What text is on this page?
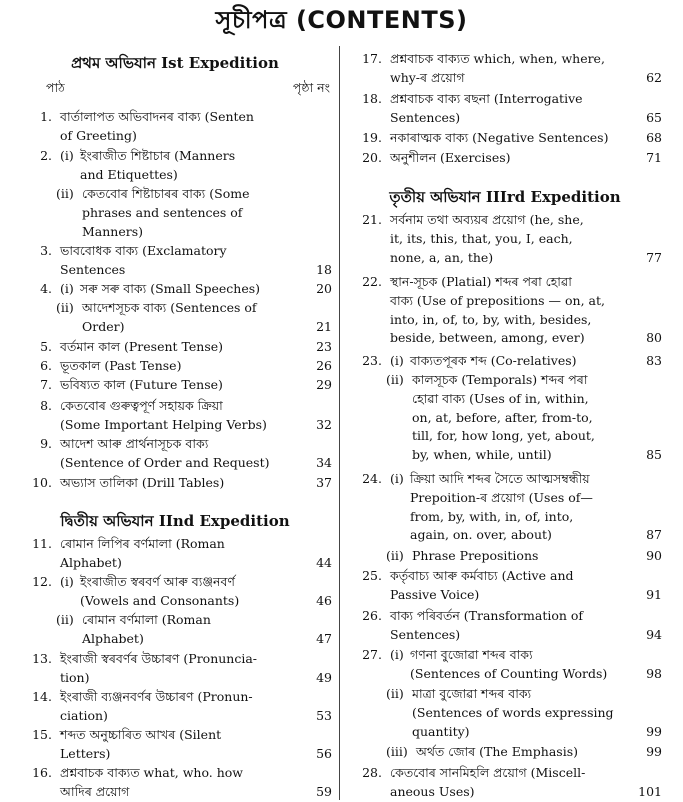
সূচীপত্ৰ (CONTENTS)
প্ৰথম অভিযান Ist Expedition
পাঠ	পৃষ্ঠা নং
দ্বিতীয় অভিযান IInd Expedition
1. বাৰ্তালাপত অভিবাদনৰ বাক্য (Senten
of Greeting)
2. (i) ইংৰাজীত শিষ্টাচাৰ (Manners
and Etiquettes)
(ii) কেতবোৰ শিষ্টাচাৰৰ বাক্য (Some
phrases and sentences of
Manners)
3. ভাববোধক বাক্য (Exclamatory
Sentences	18
4. (i) সৰু সৰু বাক্য (Small Speeches)	20
(ii) আদেশসূচক বাক্য (Sentences of
Order)	21
5. বৰ্তমান কাল (Present Tense)	23
6. ভূতকাল (Past Tense)	26
7. ভবিষ্যত কাল (Future Tense)	29
8. কেতবোৰ গুৰুত্বপূৰ্ণ সহায়ক ক্ৰিয়া
(Some Important Helping Verbs)	32
9. আদেশ আৰু প্ৰাৰ্থনাসূচক বাক্য
(Sentence of Order and Request)	34
10. অভ্যাস তালিকা (Drill Tables)	37
11. ৰোমান লিপিৰ বৰ্ণমালা (Roman
Alphabet)	44
12. (i) ইংৰাজীত স্বৰবৰ্ণ আৰু ব্যঞ্জনবৰ্ণ
(Vowels and Consonants)	46
(ii) ৰোমান বৰ্ণমালা (Roman
Alphabet)	47
13. ইংৰাজী স্বৰবৰ্ণৰ উচ্চাৰণ (Pronuncia-
tion)	49
14. ইংৰাজী ব্যঞ্জনবৰ্ণৰ উচ্চাৰণ (Pronun-
ciation)	53
15. শব্দত অনুচ্চাৰিত আখৰ (Silent
Letters)	56
16. প্ৰশ্নবাচক বাক্যত what, who. how
আদিৰ প্ৰয়োগ	59
তৃতীয় অভিযান IIIrd Expedition
17. প্ৰশ্নবাচক বাক্যত which, when, where,
why-ৰ প্ৰয়োগ	62
18. প্ৰশ্নবাচক বাক্য ৰছনা (Interrogative
Sentences)	65
19. নকাৰাত্মক বাক্য (Negative Sentences)	68
20. অনুশীলন (Exercises)	71
21. সৰ্বনাম তথা অব্যয়ৰ প্ৰয়োগ (he, she,
it, its, this, that, you, I, each,
none, a, an, the)	77
22. স্থান-সূচক (Platial) শব্দৰ পৰা হোৱা
বাক্য (Use of prepositions — on, at,
into, in, of, to, by, with, besides,
beside, between, among, ever)	80
23. (i) বাক্যতপূৰক শব্দ (Co-relatives)	83
(ii) কালসূচক (Temporals) শব্দৰ পৰা
হোৱা বাক্য (Uses of in, within,
on, at, before, after, from-to,
till, for, how long, yet, about,
by, when, while, until)	85
24. (i) ক্ৰিয়া আদি শব্দৰ সৈতে আত্মসম্বন্ধীয়
Prepoition-ৰ প্ৰয়োগ (Uses of—
from, by, with, in, of, into,
again, on. over, about)	87
(ii) Phrase Prepositions	90
25. কৰ্তৃবাচ্য আৰু কৰ্মবাচ্য (Active and
Passive Voice)	91
26. বাক্য পৰিবৰ্তন (Transformation of
Sentences)	94
27. (i) গণনা বুজোৱা শব্দৰ বাক্য
(Sentences of Counting Words)	98
(ii) মাত্ৰা বুজোৱা শব্দৰ বাক্য
(Sentences of words expressing
quantity)	99
(iii) অৰ্থত জোৰ (The Emphasis)	99
28. কেতবোৰ সানমিহলি প্ৰয়োগ (Miscell-
aneous Uses)	101
